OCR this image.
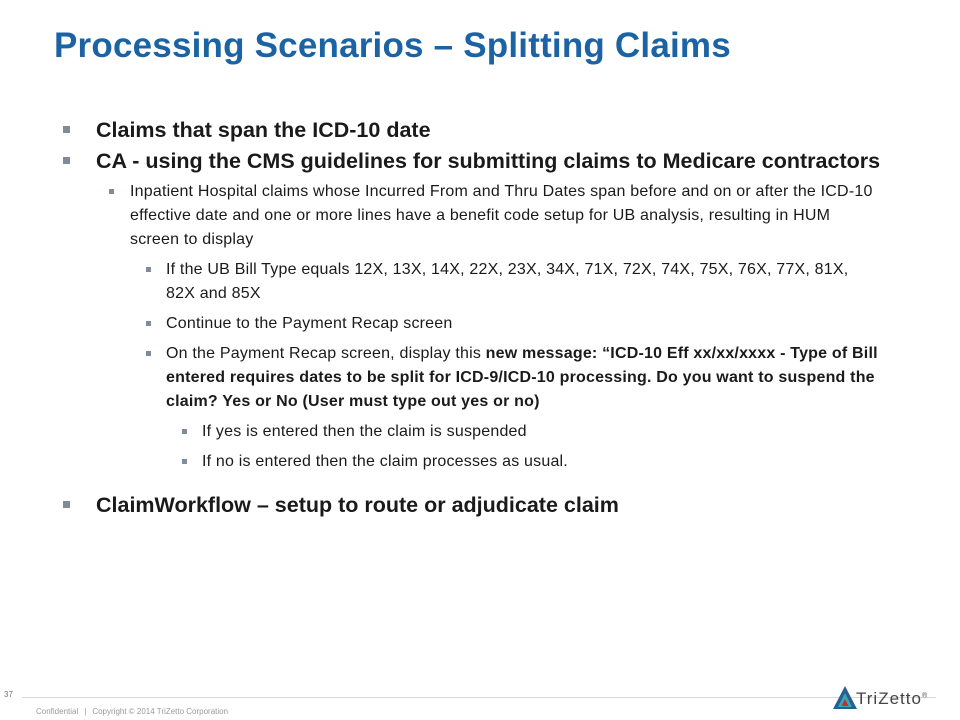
Processing Scenarios – Splitting Claims
Claims that span the ICD-10 date
CA - using the CMS guidelines for submitting claims to Medicare contractors
Inpatient Hospital claims whose Incurred From and Thru Dates span before and on or after the ICD-10 effective date and one or more lines have a benefit code setup for UB analysis, resulting in HUM screen to display
If the UB Bill Type equals 12X, 13X, 14X, 22X, 23X, 34X, 71X, 72X, 74X, 75X, 76X, 77X, 81X, 82X and 85X
Continue to the Payment Recap screen
On the Payment Recap screen, display this new message: “ICD-10 Eff xx/xx/xxxx - Type of Bill entered requires dates to be split for ICD-9/ICD-10 processing. Do you want to suspend the claim? Yes or No (User must type out yes or no)
If yes is entered then the claim is suspended
If no is entered then the claim processes as usual.
ClaimWorkflow – setup to route or adjudicate claim
37
Confidential | Copyright © 2014 TriZetto Corporation
TriZetto®
